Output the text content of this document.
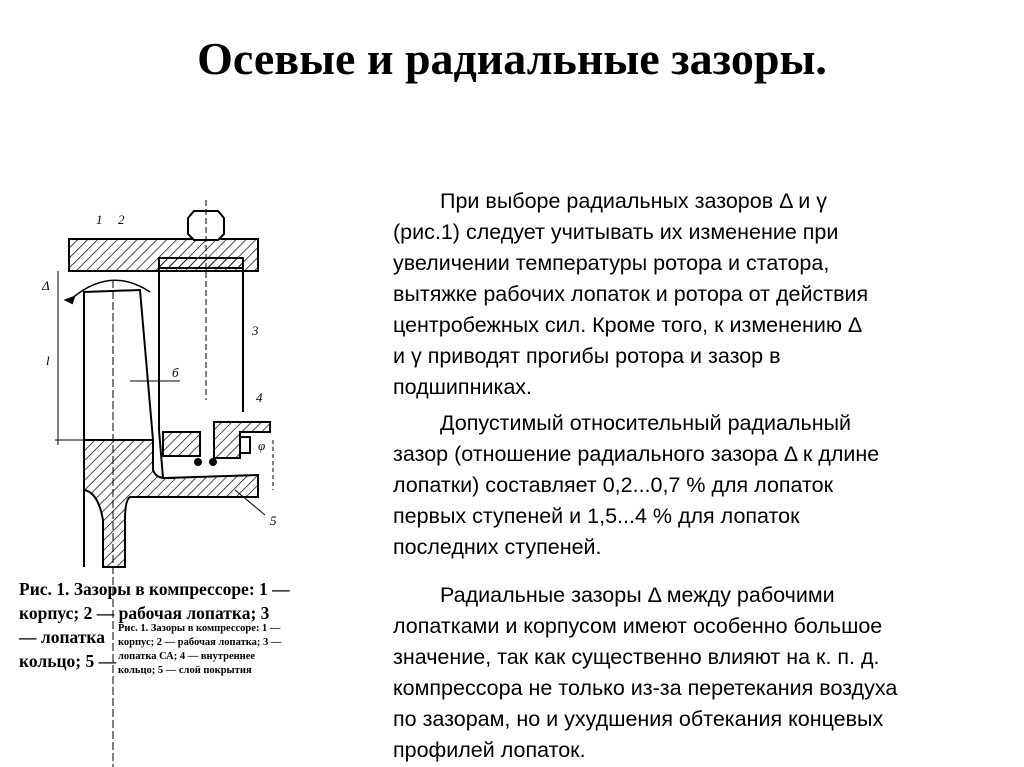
Осевые и радиальные зазоры.
1 2
3
4
5
Δ
l
б
φ
Рис. 1. Зазоры в компрессоре: 1 —
корпус; 2 — рабочая лопатка; 3
— лопатка
кольцо; 5 —
Рис. 1. Зазоры в компрессоре: 1 —
корпус; 2 — рабочая лопатка; 3 —
лопатка СА; 4 — внутреннее
кольцо; 5 — слой покрытия
При выборе радиальных зазоров Δ и γ
(рис.1) следует учитывать их изменение при
увеличении температуры ротора и статора,
вытяжке рабочих лопаток и ротора от действия
центробежных сил. Кроме того, к изменению Δ
и γ приводят прогибы ротора и зазор в
подшипниках.
Допустимый относительный радиальный
зазор (отношение радиального зазора Δ к длине
лопатки) составляет 0,2...0,7 % для лопаток
первых ступеней и 1,5...4 % для лопаток
последних ступеней.
Радиальные зазоры Δ между рабочими
лопатками и корпусом имеют особенно большое
значение, так как существенно влияют на к. п. д.
компрессора не только из-за перетекания воздуха
по зазорам, но и ухудшения обтекания концевых
профилей лопаток.
